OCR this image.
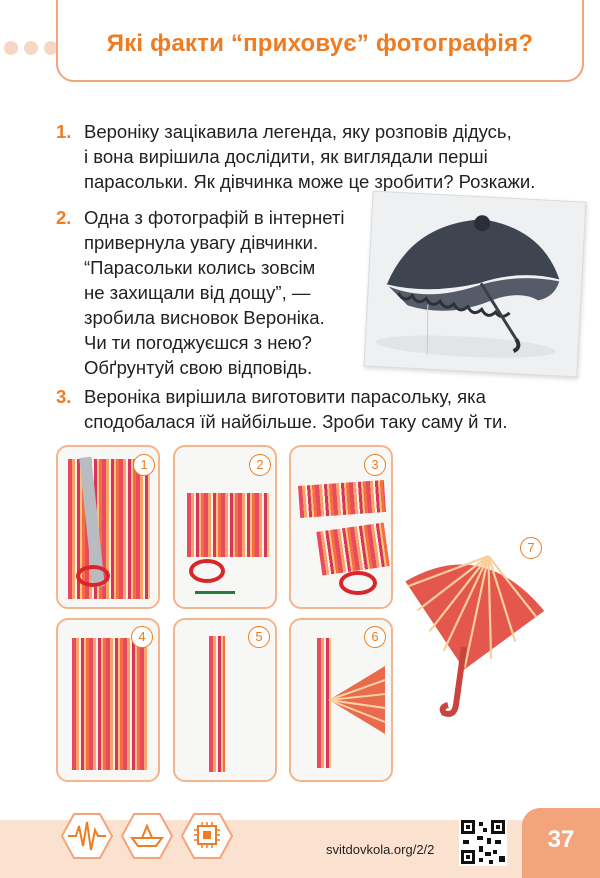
Які факти “приховує” фотографія?
1. Вероніку зацікавила легенда, яку розповів дідусь,
і вона вирішила дослідити, як виглядали перші
парасольки. Як дівчинка може це зробити? Розкажи.
2. Одна з фотографій в інтернеті
привернула увагу дівчинки.
“Парасольки колись зовсім
не захищали від дощу”, —
зробила висновок Вероніка.
Чи ти погоджуєшся з нею?
Обґрунтуй свою відповідь.
3. Вероніка вирішила виготовити парасольку, яка
сподобалася їй найбільше. Зроби таку саму й ти.
1	2	3
4	5	6
7
svitdovkola.org/2/2	37
